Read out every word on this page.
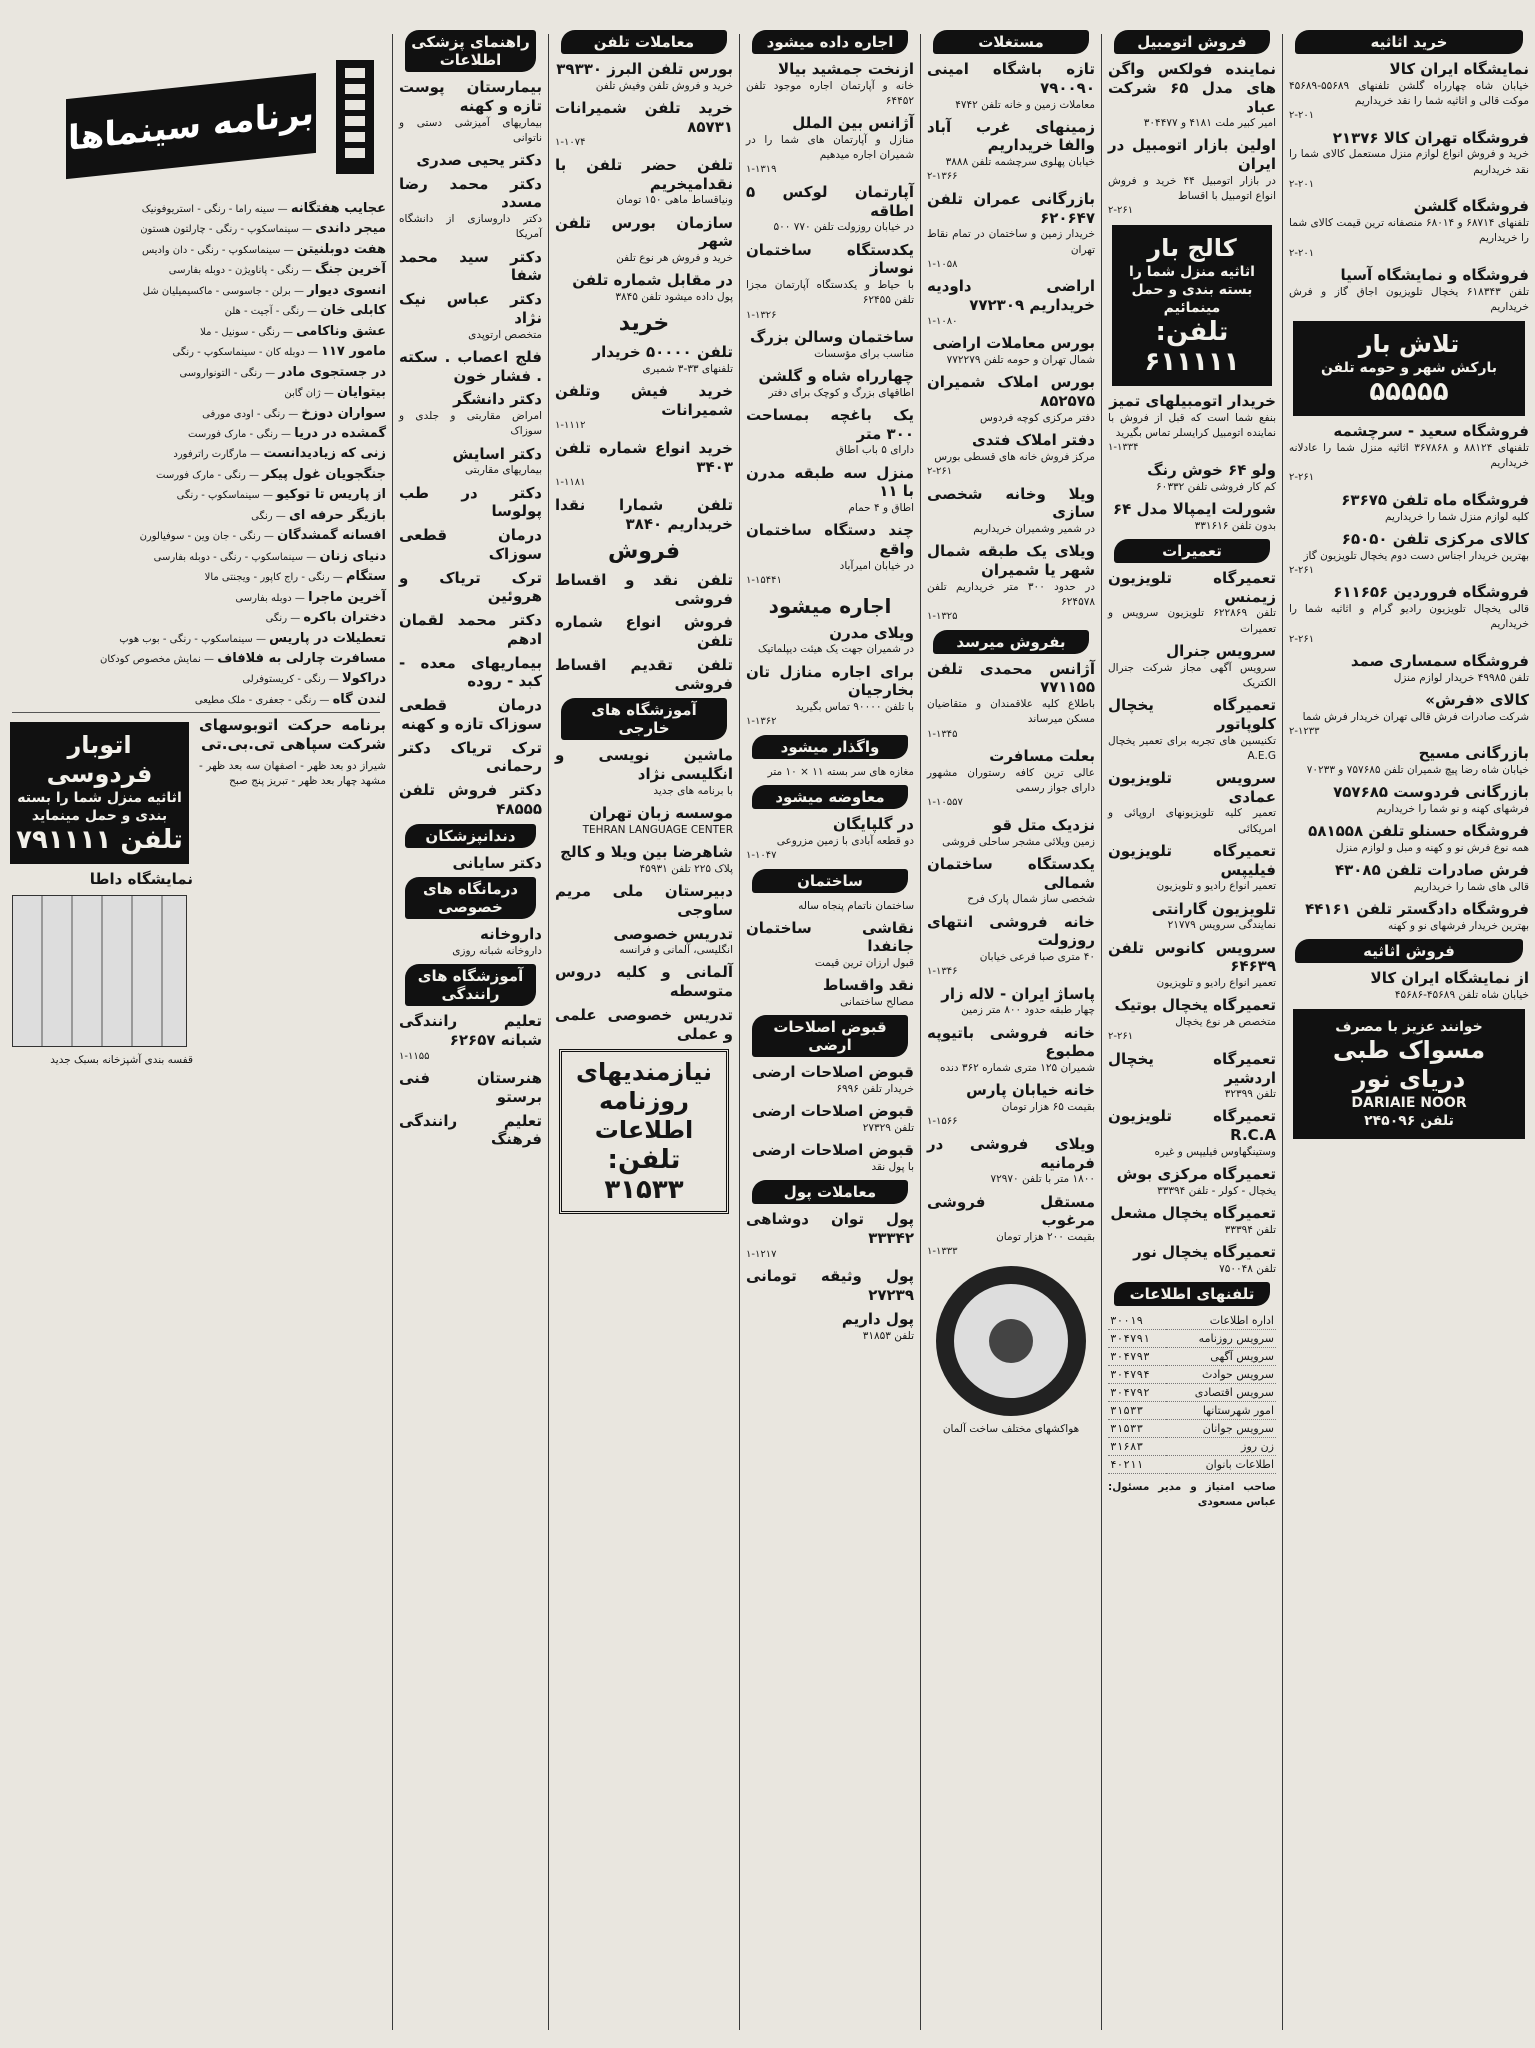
خرید اثاثیه
نمایشگاه ایران کالا

خیابان شاه چهارراه گلشن تلفنهای ۵۵۶۸۹-۴۵۶۸۹ موکت قالی و اثاثیه شما را نقد خریداریم

۲-۲۰۱
فروشگاه تهران کالا ۲۱۳۷۶

خرید و فروش انواع لوازم منزل مستعمل کالای شما را نقد خریداریم

۲-۲۰۱
فروشگاه گلشن

تلفنهای ۶۸۷۱۴ و ۶۸۰۱۴ منصفانه ترین قیمت کالای شما را خریداریم

۲-۲۰۱
فروشگاه و نمایشگاه آسیا

تلفن ۶۱۸۳۴۳ یخچال تلویزیون اجاق گاز و فرش خریداریم

تلاش بار
بارکش شهر و حومه تلفن
۵۵۵۵۵
فروشگاه سعید - سرچشمه

تلفنهای ۸۸۱۲۴ و ۳۶۷۸۶۸ اثاثیه منزل شما را عادلانه خریداریم

۲-۲۶۱
فروشگاه ماه تلفن ۶۳۶۷۵

کلیه لوازم منزل شما را خریداریم

کالای مرکزی تلفن ۶۵۰۵۰

بهترین خریدار اجناس دست دوم یخچال تلویزیون گاز

۲-۲۶۱
فروشگاه فروردین ۶۱۱۶۵۶

قالی یخچال تلویزیون رادیو گرام و اثاثیه شما را خریداریم

۲-۲۶۱
فروشگاه سمساری صمد

تلفن ۴۹۹۸۵ خریدار لوازم منزل

کالای «فرش»

شرکت صادرات فرش قالی تهران خریدار فرش شما

۲-۱۲۳۳
بازرگانی مسیح

خیابان شاه رضا پیچ شمیران تلفن ۷۵۷۶۸۵ و ۷۰۲۳۳

بازرگانی فردوست ۷۵۷۶۸۵

فرشهای کهنه و نو شما را خریداریم

فروشگاه حسنلو تلفن ۵۸۱۵۵۸

همه نوع فرش نو و کهنه و مبل و لوازم منزل

فرش صادرات تلفن ۴۳۰۸۵

قالی های شما را خریداریم

فروشگاه دادگستر تلفن ۴۴۱۶۱

بهترین خریدار فرشهای نو و کهنه

فروش اثاثیه
از نمایشگاه ایران کالا

خیابان شاه تلفن ۴۵۶۸۹-۴۵۶۸۶

خوانند عزیز با مصرف
مسواک طبی دریای نور
DARIAIE NOOR
تلفن ۲۴۵۰۹۶
فروش اتومبیل
نماینده فولکس واگن های مدل ۶۵ شرکت عباد

امیر کبیر ملت ۴۱۸۱ و ۳۰۴۴۷۷

اولین بازار اتومبیل در ایران

در بازار اتومبیل ۴۴ خرید و فروش انواع اتومبیل با اقساط

۲-۲۶۱
کالج بار
اثاثیه منزل شما را بسته بندی و حمل مینمائیم
تلفن: ۶۱۱۱۱۱
خریدار اتومبیلهای تمیز

بنفع شما است که قبل از فروش با نماینده اتومبیل کرایسلر تماس بگیرید

۱-۱۳۳۴
ولو ۶۴ خوش رنگ

کم کار فروشی تلفن ۶۰۳۳۲

شورلت ایمپالا مدل ۶۴

بدون تلفن ۳۳۱۶۱۶

تعمیرات
تعمیرگاه تلویزیون زیمنس

تلفن ۶۲۲۸۶۹ تلویزیون سرویس و تعمیرات

سرویس جنرال

سرویس آگهی مجاز شرکت جنرال الکتریک

تعمیرگاه یخچال کلوپاتور

تکنیسین های تجربه برای تعمیر یخچال A.E.G

سرویس تلویزیون عمادی

تعمیر کلیه تلویزیونهای اروپائی و امریکائی

تعمیرگاه تلویزیون فیلیپس

تعمیر انواع رادیو و تلویزیون

تلویزیون گارانتی

نمایندگی سرویس ۲۱۷۷۹

سرویس کانوس تلفن ۶۴۶۳۹

تعمیر انواع رادیو و تلویزیون

تعمیرگاه یخچال بوتیک

متخصص هر نوع یخچال

۲-۲۶۱
تعمیرگاه یخچال اردشیر

تلفن ۳۲۳۹۹

تعمیرگاه تلویزیون R.C.A

وستینگهاوس فیلیپس و غیره

تعمیرگاه مرکزی بوش

یخچال - کولر - تلفن ۳۳۳۹۴

تعمیرگاه یخچال مشعل

تلفن ۳۳۳۹۴

تعمیرگاه یخچال نور

تلفن ۷۵۰۰۴۸

تلفنهای اطلاعات
اداره اطلاعات	۳۰۰۱۹
سرویس روزنامه	۳۰۴۷۹۱
سرویس آگهی	۳۰۴۷۹۳
سرویس حوادث	۳۰۴۷۹۴
سرویس اقتصادی	۳۰۴۷۹۲
امور شهرستانها	۳۱۵۳۳
سرویس جوانان	۳۱۵۳۳
زن روز	۳۱۶۸۳
اطلاعات بانوان	۴۰۲۱۱
صاحب امتیاز و مدیر مسئول: عباس مسعودی
مستغلات
تازه باشگاه امینی ۷۹۰۰۹۰

معاملات زمین و خانه تلفن ۴۷۴۲

زمینهای غرب آباد والفا خریداریم

خیابان پهلوی سرچشمه تلفن ۳۸۸۸

۲-۱۳۶۶
بازرگانی عمران تلفن ۶۲۰۶۴۷

خریدار زمین و ساختمان در تمام نقاط تهران

۱-۱۰۵۸
اراضی داودیه خریداریم ۷۷۲۳۰۹
۱-۱۰۸۰
بورس معاملات اراضی

شمال تهران و حومه تلفن ۷۷۲۲۷۹

بورس املاک شمیران ۸۵۲۵۷۵

دفتر مرکزی کوچه فردوس

دفتر املاک فتدی

مرکز فروش خانه های قسطی بورس

۲-۲۶۱
ویلا وخانه شخصی سازی

در شمیر وشمیران خریداریم

ویلای یک طبقه شمال شهر یا شمیران

در حدود ۳۰۰ متر خریداریم تلفن ۶۲۴۵۷۸

۱-۱۳۲۵
بفروش میرسد
آژانس محمدی تلفن ۷۷۱۱۵۵

باطلاع کلیه علاقمندان و متقاضیان مسکن میرساند

۱-۱۳۴۵
بعلت مسافرت

عالی ترین کافه رستوران مشهور دارای جواز رسمی

۱-۱۰۵۵۷
نزدیک متل قو

زمین ویلائی مشجر ساحلی فروشی

یکدستگاه ساختمان شمالی

شخصی ساز شمال پارک فرح

خانه فروشی انتهای روزولت

۴۰ متری صبا فرعی خیابان

۱-۱۳۴۶
پاساژ ایران - لاله زار

چهار طبقه حدود ۸۰۰ متر زمین

خانه فروشی باتیوپه مطبوع

شمیران ۱۲۵ متری شماره ۳۶۲ دنده

خانه خیابان پارس

بقیمت ۶۵ هزار تومان

۱-۱۵۶۶
ویلای فروشی در فرمانیه

۱۸۰۰ متر با تلفن ۷۲۹۷۰

مستقل فروشی مرغوب

بقیمت ۲۰۰ هزار تومان

۱-۱۳۳۳
هواکشهای مختلف ساخت آلمان
اجاره داده میشود
ازنخت جمشید بیالا

خانه و آپارتمان اجاره موجود تلفن ۶۴۴۵۲

آژانس بین الملل

منازل و آپارتمان های شما را در شمیران اجاره میدهیم

۱-۱۳۱۹
آپارتمان لوکس ۵ اطاقه

در خیابان روزولت تلفن ۷۷۰ ۵۰۰

یکدستگاه ساختمان نوساز

با حیاط و یکدستگاه آپارتمان مجزا تلفن ۶۲۴۵۵

۱-۱۳۲۶
ساختمان وسالن بزرگ

مناسب برای مؤسسات

چهارراه شاه و گلشن

اطاقهای بزرگ و کوچک برای دفتر

یک باغچه بمساحت ۳۰۰ متر

دارای ۵ باب اطاق

منزل سه طبقه مدرن با ۱۱

اطاق و ۴ حمام

چند دستگاه ساختمان واقع

در خیابان امیرآباد

۱-۱۵۴۴۱
اجاره میشود
ویلای مدرن

در شمیران جهت یک هیئت دیپلماتیک

برای اجاره منازل تان بخارجیان

با تلفن ۹۰۰۰۰ تماس بگیرید

۱-۱۳۶۲
واگذار میشود

مغازه های سر بسته ۱۱ × ۱۰ متر

معاوضه میشود
در گلپایگان

دو قطعه آبادی با زمین مزروعی

۱-۱۰۴۷
ساختمان

ساختمان ناتمام پنجاه ساله

نقاشی ساختمان جانفدا

قبول ارزان ترین قیمت

نقد واقساط

مصالح ساختمانی

قبوض اصلاحات ارضی
قبوض اصلاحات ارضی

خریدار تلفن ۶۹۹۶

قبوض اصلاحات ارضی

تلفن ۲۷۳۲۹

قبوض اصلاحات ارضی

با پول نقد

معاملات پول
پول توان دوشاهی ۳۳۳۴۲
۱-۱۲۱۷
پول وثیقه تومانی ۲۷۲۳۹
پول داریم

تلفن ۳۱۸۵۳

معاملات تلفن
بورس تلفن البرز ۳۹۳۳۰

خرید و فروش تلفن وفیش تلفن

خرید تلفن شمیرانات ۸۵۷۳۱
۱-۱۰۷۴
تلفن حضر تلفن با نقدامیخریم

ونیاقساط ماهی ۱۵۰ تومان

سازمان بورس تلفن شهر

خرید و فروش هر نوع تلفن

در مقابل شماره تلفن

پول داده میشود تلفن ۳۸۴۵

خرید
تلفن ۵۰۰۰۰ خریدار

تلفنهای ۳۳-۳ شمیری

خرید فیش وتلفن شمیرانات
۱-۱۱۱۲
خرید انواع شماره تلفن ۳۴۰۳
۱-۱۱۸۱
تلفن شمارا نقدا خریداریم ۳۸۴۰
فروش
تلفن نقد و اقساط فروشی
فروش انواع شماره تلفن
تلفن تقدیم اقساط فروشی
آموزشگاه های خارجی
ماشین نویسی و انگلیسی نژاد

با برنامه های جدید

موسسه زبان تهران

TEHRAN LANGUAGE CENTER

شاهرضا بین ویلا و کالج

پلاک ۲۲۵ تلفن ۴۵۹۳۱

دبیرستان ملی مریم ساوجی
تدریس خصوصی

انگلیسی، آلمانی و فرانسه

آلمانی و کلیه دروس متوسطه
تدریس خصوصی علمی و عملی
نیازمندیهای
روزنامه اطلاعات
تلفن: ۳۱۵۳۳
راهنمای پزشکی اطلاعات
بیمارستان پوست تازه و کهنه

بیماریهای آمیزشی دستی و ناتوانی

دکتر یحیی صدری
دکتر محمد رضا مسدد

دکتر داروسازی از دانشگاه آمریکا

دکتر سید محمد شفا
دکتر عباس نیک نژاد

متخصص ارتوپدی

فلج اعصاب . سکته . فشار خون
دکتر دانشگر

امراض مقاربتی و جلدی و سوزاک

دکتر اسایش

بیماریهای مقاربتی

دکتر در طب پولوسا
درمان قطعی سوزاک
ترک تریاک و هروئین
دکتر محمد لقمان ادهم
بیماریهای معده - کبد - روده
درمان قطعی سوزاک تازه و کهنه
ترک تریاک دکتر رحمانی
دکتر فروش تلفن ۴۸۵۵۵
دندانپزشکان
دکتر سایانی
درمانگاه های خصوصی
داروخانه

داروخانه شبانه روزی

آموزشگاه های رانندگی
تعلیم رانندگی شبانه ۶۲۶۵۷
۱-۱۱۵۵
هنرستان فنی برستو
تعلیم رانندگی فرهنگ
برنامه سینماها
عجایب هفتگانه — سینه راما - رنگی - استریوفونیک
میجر داندی — سینماسکوپ - رنگی - چارلتون هستون
هفت دوبلنیتن — سینماسکوپ - رنگی - دان وادیس
آخرین جنگ — رنگی - پاناویژن - دوبله بفارسی
انسوی دیوار — برلن - جاسوسی - ماکسیمیلیان شل
کابلی خان — رنگی - آجیت - هلن
عشق وناکامی — رنگی - سونیل - ملا
مامور ۱۱۷ — دوبله کان - سینماسکوپ - رنگی
در جستجوی مادر — رنگی - التونواروسی
بیتوایان — ژان گابن
سواران دوزخ — رنگی - اودی مورفی
گمشده در دریا — رنگی - مارک فورست
زنی که زیادیدانست — مارگارت راترفورد
جنگجویان غول پیکر — رنگی - مارک فورست
از پاریس تا توکیو — سینماسکوپ - رنگی
بازیگر حرفه ای — رنگی
افسانه گمشدگان — رنگی - جان وین - سوفیالورن
دنیای زنان — سینماسکوپ - رنگی - دوبله بفارسی
ستگام — رنگی - راج کاپور - ویجنتی مالا
آخرین ماجرا — دوبله بفارسی
دختران باکره — رنگی
تعطیلات در پاریس — سینماسکوپ - رنگی - بوب هوپ
مسافرت چارلی به فلافاف — نمایش مخصوص کودکان
دراکولا — رنگی - کریستوفرلی
لندن گاه — رنگی - جعفری - ملک مطیعی
برنامه حرکت اتوبوسهای شرکت سپاهی تی.بی.تی
شیراز دو بعد ظهر - اصفهان سه بعد ظهر - مشهد چهار بعد ظهر - تبریز پنج صبح
اتوبار فردوسی
اثاثیه منزل شما را بسته بندی و حمل مینماید
تلفن ۷۹۱۱۱۱
نمایشگاه داطا
قفسه بندی آشپزخانه بسبک جدید
